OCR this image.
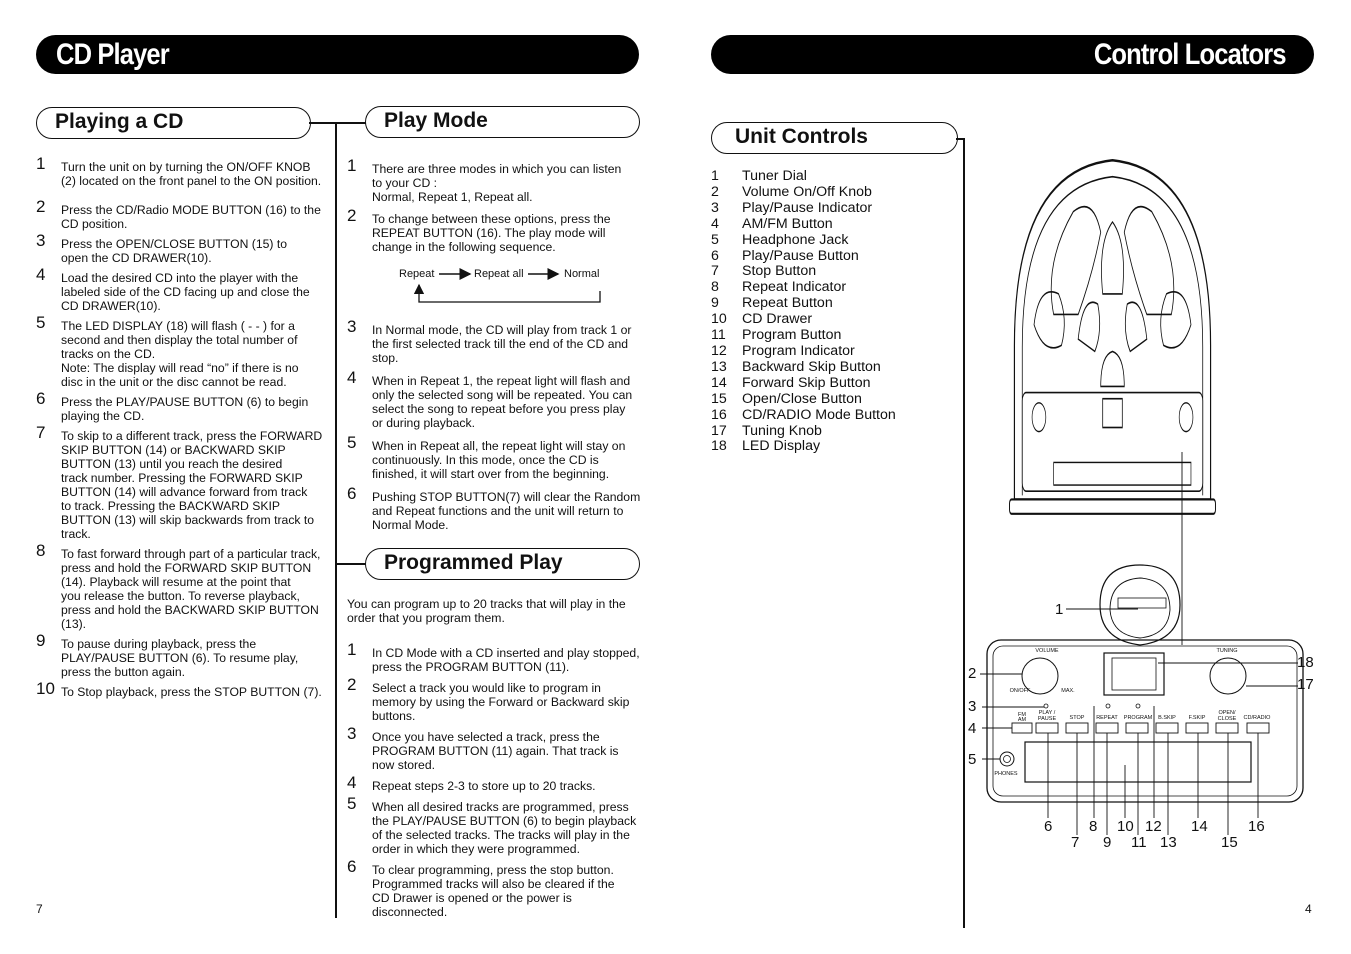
CD Player
Playing a CD
1 Turn the unit on by turning the ON/OFF KNOB
(2) located on the front panel to the ON position.
2 Press the CD/Radio MODE BUTTON (16) to the
CD position.
3 Press the OPEN/CLOSE BUTTON (15) to
open the CD DRAWER(10).
4 Load the desired CD into the player with the
labeled side of the CD facing up and close the
CD DRAWER(10).
5 The LED DISPLAY (18) will flash ( - - ) for a
second and then display the total number of
tracks on the CD.
Note: The display will read “no” if there is no
disc in the unit or the disc cannot be read.
6 Press the PLAY/PAUSE BUTTON (6) to begin
playing the CD.
7 To skip to a different track, press the FORWARD
SKIP BUTTON (14) or BACKWARD SKIP
BUTTON (13) until you reach the desired
track number. Pressing the FORWARD SKIP
BUTTON (14) will advance forward from track
to track. Pressing the BACKWARD SKIP
BUTTON (13) will skip backwards from track to
track.
8 To fast forward through part of a particular track,
press and hold the FORWARD SKIP BUTTON
(14). Playback will resume at the point that
you release the button. To reverse playback,
press and hold the BACKWARD SKIP BUTTON
(13).
9 To pause during playback, press the
PLAY/PAUSE BUTTON (6). To resume play,
press the button again.
10 To Stop playback, press the STOP BUTTON (7).
Play Mode
1 There are three modes in which you can listen
to your CD :
Normal, Repeat 1, Repeat all.
2 To change between these options, press the
REPEAT BUTTON (16). The play mode will
change in the following sequence.
Repeat	Repeat all	Normal
3 In Normal mode, the CD will play from track 1 or
the first selected track till the end of the CD and
stop.
4 When in Repeat 1, the repeat light will flash and
only the selected song will be repeated. You can
select the song to repeat before you press play
or during playback.
5 When in Repeat all, the repeat light will stay on
continuously. In this mode, once the CD is
finished, it will start over from the beginning.
6 Pushing STOP BUTTON(7) will clear the Random
and Repeat functions and the unit will return to
Normal Mode.
Programmed Play
You can program up to 20 tracks that will play in the
order that you program them.
1 In CD Mode with a CD inserted and play stopped,
press the PROGRAM BUTTON (11).
2 Select a track you would like to program in
memory by using the Forward or Backward skip
buttons.
3 Once you have selected a track, press the
PROGRAM BUTTON (11) again. That track is
now stored.
4 Repeat steps 2-3 to store up to 20 tracks.
5 When all desired tracks are programmed, press
the PLAY/PAUSE BUTTON (6) to begin playback
of the selected tracks. The tracks will play in the
order in which they were programmed.
6 To clear programming, press the stop button.
Programmed tracks will also be cleared if the
CD Drawer is opened or the power is
disconnected.
7
Control Locators
Unit Controls
1	Tuner Dial
2	Volume On/Off Knob
3	Play/Pause Indicator
4	AM/FM Button
5	Headphone Jack
6	Play/Pause Button
7	Stop Button
8	Repeat Indicator
9	Repeat Button
10	CD Drawer
11	Program Button
12	Program Indicator
13	Backward Skip Button
14	Forward Skip Button
15	Open/Close Button
16	CD/RADIO Mode Button
17	Tuning Knob
18	LED Display
VOLUME	TUNING
ON/OFF	MAX.
FM
AM
PLAY / PAUSE STOP REPEAT PROGRAM B.SKIP F.SKIP
OPEN/ CLOSE CD/RADIO
PHONES
1
2
3
4
5
6
7
8
9
10
11
12
13
14
15
16
17
18
4
